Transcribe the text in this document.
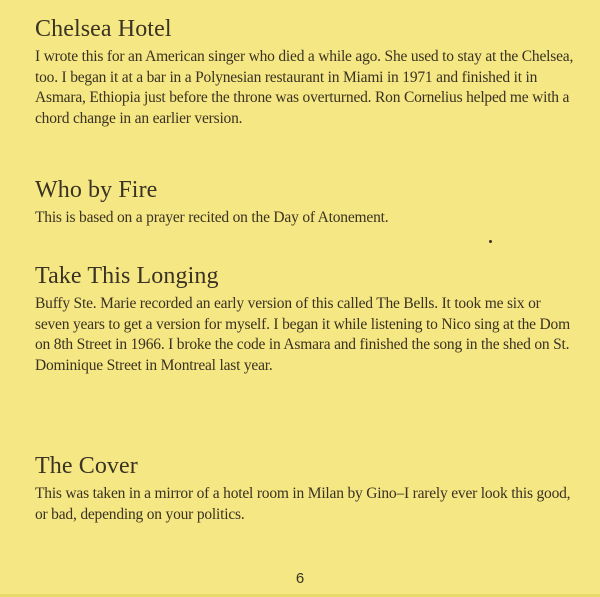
Chelsea Hotel

I wrote this for an American singer who died a while ago. She used to stay at the Chelsea, too. I began it at a bar in a Polynesian restaurant in Miami in 1971 and finished it in Asmara, Ethiopia just before the throne was overturned. Ron Cornelius helped me with a chord change in an earlier version.

Who by Fire

This is based on a prayer recited on the Day of Atonement.

Take This Longing

Buffy Ste. Marie recorded an early version of this called The Bells. It took me six or seven years to get a version for myself. I began it while listening to Nico sing at the Dom on 8th Street in 1966. I broke the code in Asmara and finished the song in the shed on St. Dominique Street in Montreal last year.

The Cover

This was taken in a mirror of a hotel room in Milan by Gino–I rarely ever look this good, or bad, depending on your politics.

6
